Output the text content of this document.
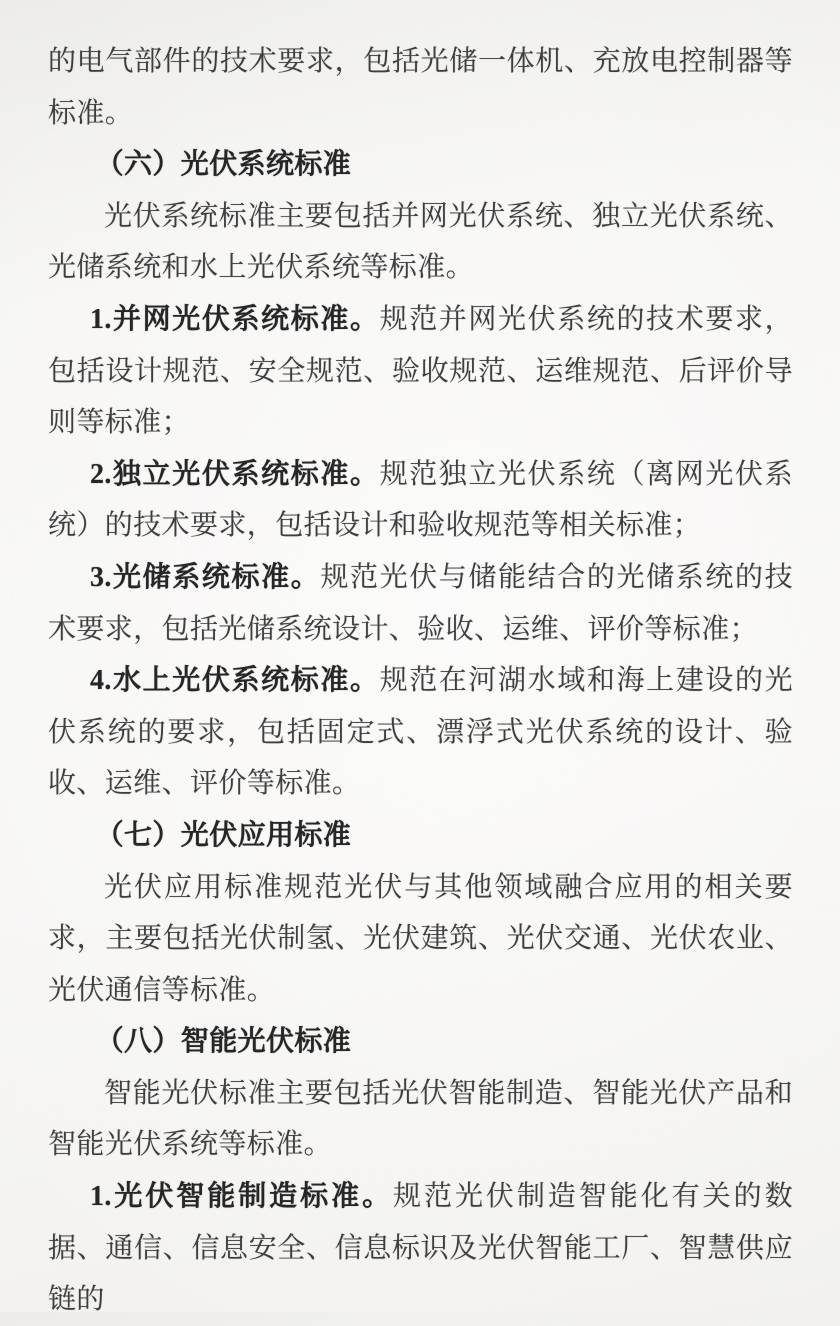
的电气部件的技术要求，包括光储一体机、充放电控制器等标准。

（六）光伏系统标准

光伏系统标准主要包括并网光伏系统、独立光伏系统、光储系统和水上光伏系统等标准。

1.并网光伏系统标准。规范并网光伏系统的技术要求，包括设计规范、安全规范、验收规范、运维规范、后评价导则等标准；

2.独立光伏系统标准。规范独立光伏系统（离网光伏系统）的技术要求，包括设计和验收规范等相关标准；

3.光储系统标准。规范光伏与储能结合的光储系统的技术要求，包括光储系统设计、验收、运维、评价等标准；

4.水上光伏系统标准。规范在河湖水域和海上建设的光伏系统的要求，包括固定式、漂浮式光伏系统的设计、验收、运维、评价等标准。

（七）光伏应用标准

光伏应用标准规范光伏与其他领域融合应用的相关要求，主要包括光伏制氢、光伏建筑、光伏交通、光伏农业、光伏通信等标准。

（八）智能光伏标准

智能光伏标准主要包括光伏智能制造、智能光伏产品和智能光伏系统等标准。

1.光伏智能制造标准。规范光伏制造智能化有关的数据、通信、信息安全、信息标识及光伏智能工厂、智慧供应链的
